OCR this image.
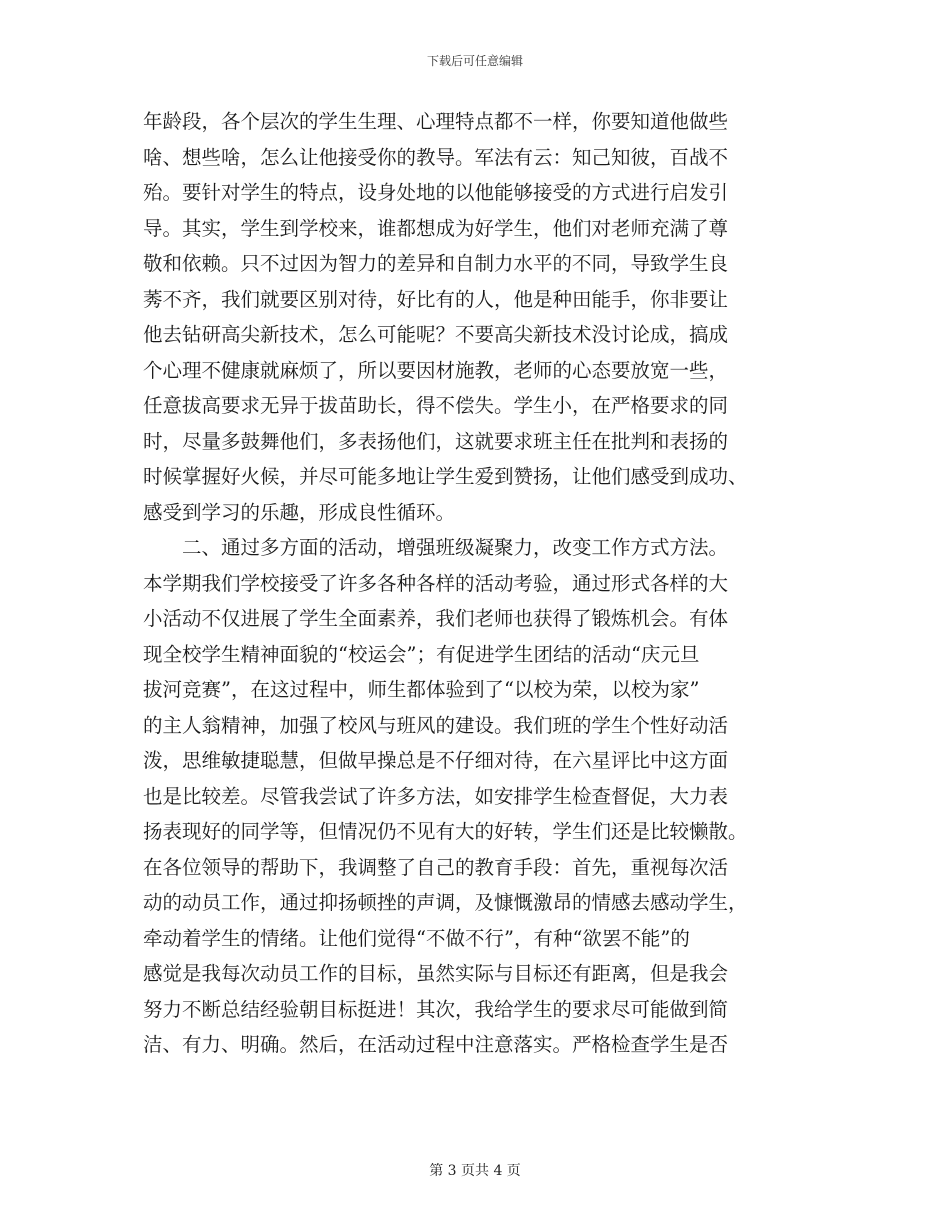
下载后可任意编辑
年龄段，各个层次的学生生理、心理特点都不一样，你要知道他做些
啥、想些啥，怎么让他接受你的教导。军法有云：知己知彼，百战不
殆。要针对学生的特点，设身处地的以他能够接受的方式进行启发引
导。其实，学生到学校来，谁都想成为好学生，他们对老师充满了尊
敬和依赖。只不过因为智力的差异和自制力水平的不同，导致学生良
莠不齐，我们就要区别对待，好比有的人，他是种田能手，你非要让
他去钻研高尖新技术，怎么可能呢？不要高尖新技术没讨论成，搞成
个心理不健康就麻烦了，所以要因材施教，老师的心态要放宽一些，
任意拔高要求无异于拔苗助长，得不偿失。学生小，在严格要求的同
时，尽量多鼓舞他们，多表扬他们，这就要求班主任在批判和表扬的
时候掌握好火候，并尽可能多地让学生爱到赞扬，让他们感受到成功、
感受到学习的乐趣，形成良性循环。
　　二、通过多方面的活动，增强班级凝聚力，改变工作方式方法。
本学期我们学校接受了许多各种各样的活动考验，通过形式各样的大
小活动不仅进展了学生全面素养，我们老师也获得了锻炼机会。有体
现全校学生精神面貌的“校运会”；有促进学生团结的活动“庆元旦
拔河竞赛”，在这过程中，师生都体验到了“以校为荣，以校为家”
的主人翁精神，加强了校风与班风的建设。我们班的学生个性好动活
泼，思维敏捷聪慧，但做早操总是不仔细对待，在六星评比中这方面
也是比较差。尽管我尝试了许多方法，如安排学生检查督促，大力表
扬表现好的同学等，但情况仍不见有大的好转，学生们还是比较懒散。
在各位领导的帮助下，我调整了自己的教育手段：首先，重视每次活
动的动员工作，通过抑扬顿挫的声调，及慷慨激昂的情感去感动学生，
牵动着学生的情绪。让他们觉得“不做不行”，有种“欲罢不能”的
感觉是我每次动员工作的目标，虽然实际与目标还有距离，但是我会
努力不断总结经验朝目标挺进！其次，我给学生的要求尽可能做到简
洁、有力、明确。然后，在活动过程中注意落实。严格检查学生是否
第 3 页共 4 页
